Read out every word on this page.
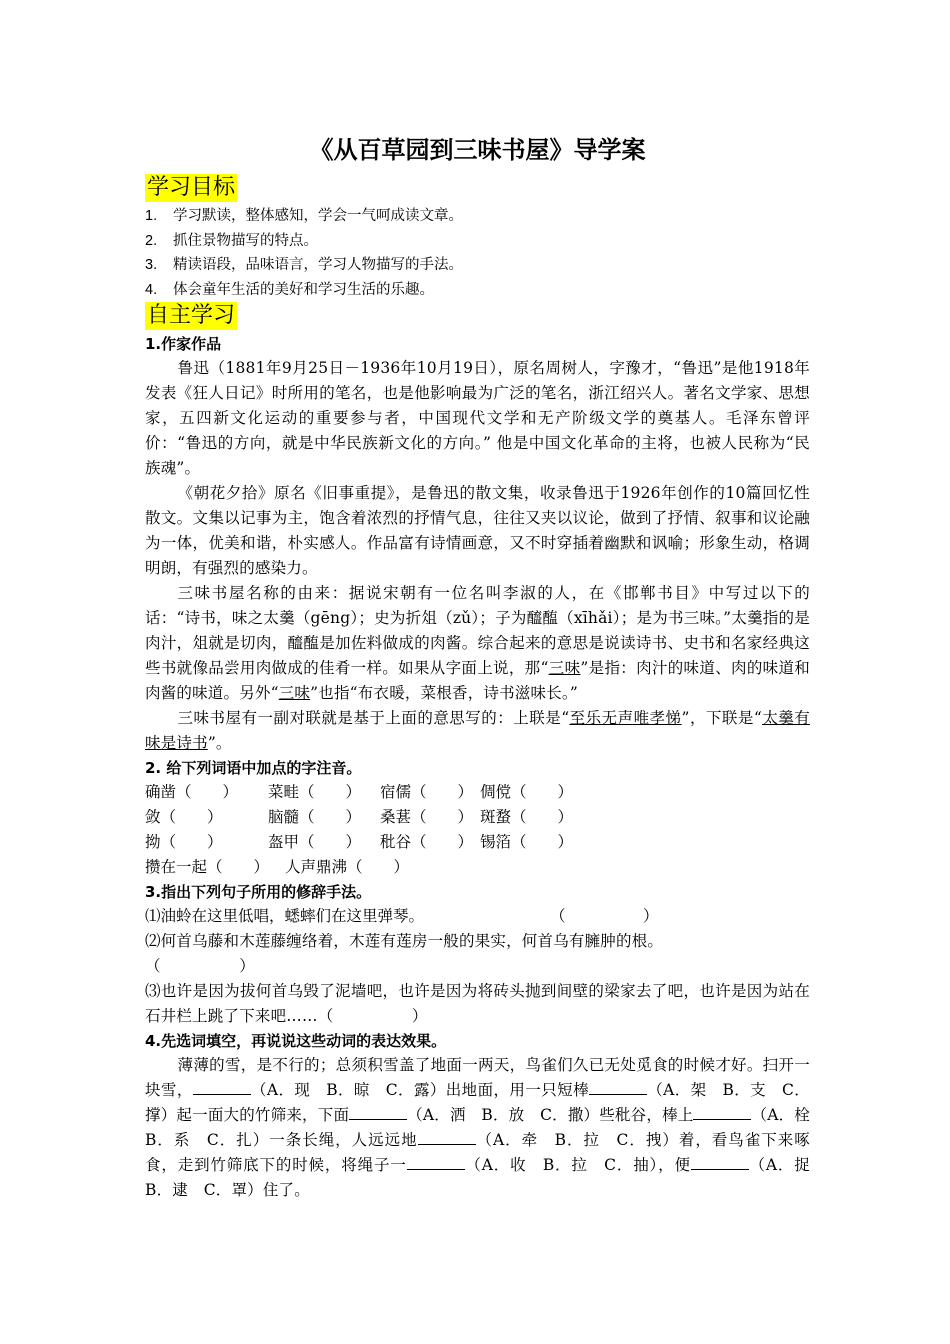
《从百草园到三味书屋》导学案
学习目标
1. 学习默读，整体感知，学会一气呵成读文章。
2. 抓住景物描写的特点。
3. 精读语段，品味语言，学习人物描写的手法。
4. 体会童年生活的美好和学习生活的乐趣。
自主学习
1.作家作品

鲁迅（1881年9月25日－1936年10月19日），原名周树人，字豫才，“鲁迅”是他1918年发表《狂人日记》时所用的笔名，也是他影响最为广泛的笔名，浙江绍兴人。著名文学家、思想家，五四新文化运动的重要参与者，中国现代文学和无产阶级文学的奠基人。毛泽东曾评价：“鲁迅的方向，就是中华民族新文化的方向。” 他是中国文化革命的主将，也被人民称为“民族魂”。

《朝花夕拾》原名《旧事重提》，是鲁迅的散文集，收录鲁迅于1926年创作的10篇回忆性散文。文集以记事为主，饱含着浓烈的抒情气息，往往又夹以议论，做到了抒情、叙事和议论融为一体，优美和谐，朴实感人。作品富有诗情画意，又不时穿插着幽默和讽喻；形象生动，格调明朗，有强烈的感染力。

三味书屋名称的由来：据说宋朝有一位名叫李淑的人，在《邯郸书目》中写过以下的话：“诗书，味之太羹（gēng）；史为折俎（zǔ）；子为醯醢（xīhǎi）；是为书三味。”太羹指的是肉汁，俎就是切肉，醯醢是加佐料做成的肉酱。综合起来的意思是说读诗书、史书和名家经典这些书就像品尝用肉做成的佳肴一样。如果从字面上说，那“三味”是指：肉汁的味道、肉的味道和肉酱的味道。另外“三味”也指“布衣暖，菜根香，诗书滋味长。”

三味书屋有一副对联就是基于上面的意思写的：上联是“至乐无声唯孝悌”，下联是“太羹有味是诗书”。

2. 给下列词语中加点的字注音。
确凿（　　） 菜畦（　　） 宿儒（　　） 倜傥（　　）
敛（　　）	脑髓（　　） 桑葚（　　） 斑蝥（　　）
拗（　　）	盔甲（　　） 秕谷（　　） 锡箔（　　）
攒在一起（　　） 人声鼎沸（　　）
3.指出下列句子所用的修辞手法。
⑴油蛉在这里低唱，蟋蟀们在这里弹琴。	（　　　　　）

⑵何首乌藤和木莲藤缠络着，木莲有莲房一般的果实，何首乌有臃肿的根。

（　　　　　）

⑶也许是因为拔何首乌毁了泥墙吧，也许是因为将砖头抛到间壁的梁家去了吧，也许是因为站在石井栏上跳了下来吧……（　　　　　）

4.先选词填空，再说说这些动词的表达效果。

薄薄的雪，是不行的；总须积雪盖了地面一两天，鸟雀们久已无处觅食的时候才好。扫开一块雪，	（A．现　B．晾　C．露）出地面，用一只短棒	（A．架　B．支　C．撑）起一面大的竹筛来，下面	（A．洒　B．放　C．撒）些秕谷，棒上	（A．栓　B．系　C．扎）一条长绳，人远远地	（A．牵　B．拉　C．拽）着，看鸟雀下来啄食，走到竹筛底下的时候，将绳子一	（A．收　B．拉　C．抽），便	（A．捉　B．逮　C．罩）住了。
